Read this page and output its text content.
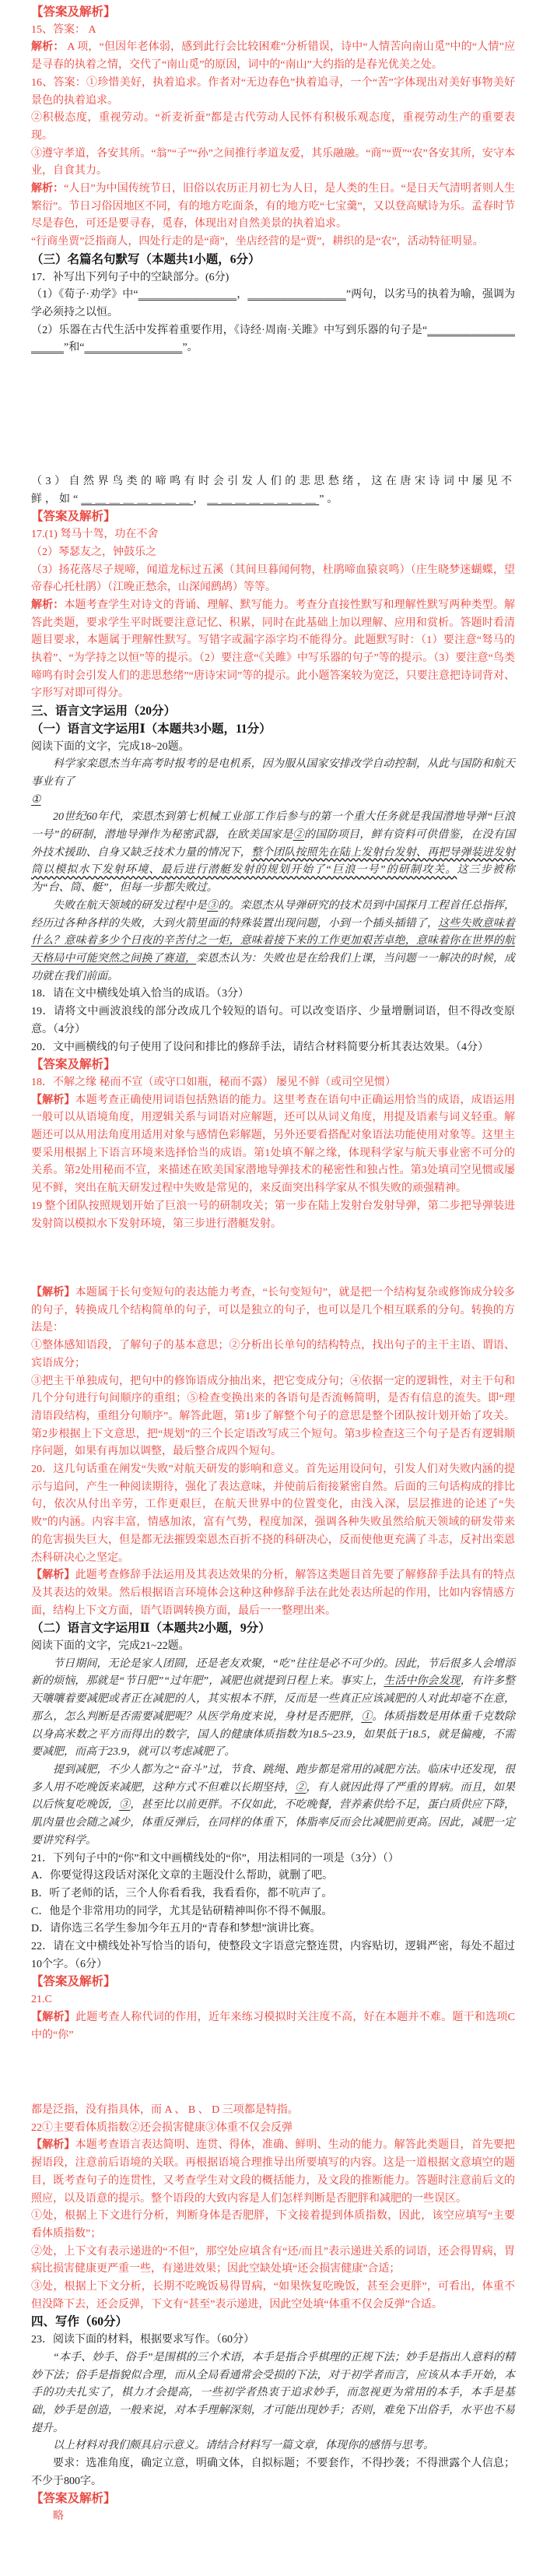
【答案及解析】

15、答案： A

解析： A 项，“但因年老体弱，感到此行会比较困难”分析错误，诗中“人情苦向南山觅”中的“人情”应是寻春的执着之情，交代了“南山觅”的原因，词中的“南山”大约指的是春光优美之处。

16、答案：①珍惜美好，执着追求。作者对“无边春色”执着追寻，一个“苦”字体现出对美好事物美好景色的执着追求。

②积极态度，重视劳动。“祈麦祈蚕”都是古代劳动人民怀有积极乐观态度，重视劳动生产的重要表现。

③遵守孝道，各安其所。“翁”“子”“孙”之间推行孝道友爱，其乐融融。“商”“贾”“农”各安其所，安守本业，自食其力。

解析：“人日”为中国传统节日，旧俗以农历正月初七为人日，是人类的生日。“是日天气清明者则人生繁衍”。节日习俗因地区不同，有的地方吃面条，有的地方吃“七宝羹”，又以登高赋诗为乐。孟春时节尽是春色，可还是要寻春，觅春，体现出对自然美景的执着追求。

“行商坐贾”泛指商人，四处行走的是“商”，坐店经营的是“贾”，耕织的是“农”，活动特征明显。

（三）名篇名句默写（本题共1小题，6分）

17．补写出下列句子中的空缺部分。(6分)

（1）《荀子·劝学》中“＿＿＿＿＿＿＿＿＿，＿＿＿＿＿＿＿＿＿”两句，以劣马的执着为喻，强调为学必须持之以恒。

（2）乐器在古代生活中发挥着重要作用，《诗经·周南·关雎》中写到乐器的句子是“＿＿＿＿＿＿＿＿＿＿＿”和“＿＿＿＿＿＿＿＿＿”。

（3）自然界鸟类的啼鸣有时会引发人们的悲思愁绪，这在唐宋诗词中屡见不鲜，如“＿＿＿＿＿＿＿＿，＿＿＿＿＿＿＿＿”。

【答案及解析】

17.(1) 驽马十驾，功在不舍

（2）琴瑟友之，钟鼓乐之

（3）扬花落尽子规啼，闻道龙标过五溪（其间旦暮闻何物，杜鹃啼血猿哀鸣）（庄生晓梦迷蝴蝶，望帝春心托杜鹃）（江晚正愁余，山深闻鹧鸪）等等。

解析：本题考查学生对诗文的背诵、理解、默写能力。考查分直接性默写和理解性默写两种类型。解答此类题，要求学生平时既要注意记忆、积累，同时在此基础上加以理解、应用和赏析。答题时看清题目要求，本题属于理解性默写。写错字或漏字添字均不能得分。此题默写时：（1）要注意“驽马的执着”、“为学持之以恒”等的提示。（2）要注意“《关雎》中写乐器的句子”等的提示。（3）要注意“鸟类啼鸣有时会引发人们的悲思愁绪”“唐诗宋词”等的提示。此小题答案较为宽泛，只要注意把诗词背对、字形写对即可得分。

三、语言文字运用（20分）

（一）语言文字运用Ⅰ（本题共3小题，11分）

阅读下面的文字，完成18~20题。

科学家栾恩杰当年高考时报考的是电机系，因为服从国家安排改学自动控制，从此与国防和航天事业有了

①

20世纪60年代，栾恩杰到第七机械工业部工作后参与的第一个重大任务就是我国潜地导弹“巨浪一号”的研制，潜地导弹作为秘密武器，在欧美国家是②的国防项目，鲜有资料可供借鉴，在没有国外技术援助、自身又缺乏技术力量的情况下，整个团队按照先在陆上发射台发射、再把导弹装进发射筒以模拟水下发射环境、最后进行潜艇发射的规划开始了“巨浪一号”的研制攻关。这三步被称为“台、筒、艇”，但每一步都失败过。

失败在航天领域的研发过程中是③的。栾恩杰从导弹研究的技术员到中国探月工程首任总指挥，经历过各种各样的失败，大到火箭里面的特殊装置出现问题，小到一个插头插错了，这些失败意味着什么？意味着多少个日夜的辛苦付之一炬，意味着接下来的工作更加艰苦卓绝，意味着你在世界的航天格局中可能突然之间换了赛道，栾恩杰认为：失败也是在给我们上课，当问题一一解决的时候，成功就在我们前面。

18．请在文中横线处填入恰当的成语。（3分）

19．请将文中画波浪线的部分改成几个较短的语句。可以改变语序、少量增删词语，但不得改变原意。（4分）

20．文中画横线的句子使用了设问和排比的修辞手法，请结合材料简要分析其表达效果。（4分）

【答案及解析】

18．不解之缘 秘而不宣（或守口如瓶，秘而不露） 屡见不鲜（或司空见惯）

【解析】本题考查正确使用词语包括熟语的能力。这里考查在语句中正确运用恰当的成语，成语运用一般可以从语境角度，用逻辑关系与词语对应解题，还可以从词义角度，用提及语素与词义轻重。解题还可以从用法角度用适用对象与感情色彩解题，另外还要看搭配对象语法功能使用对象等。这里主要采用根据上下语言环境来选择恰当的成语。第1处填不解之缘，体现科学家与航天事业密不可分的关系。第2处用秘而不宣，来描述在欧美国家潜地导弹技术的秘密性和独占性。第3处填司空见惯或屡见不鲜，突出在航天研发过程中失败是常见的，来反面突出科学家从不惧失败的顽强精神。

19 整个团队按照规划开始了巨浪一号的研制攻关；第一步在陆上发射台发射导弹，第二步把导弹装进发射筒以模拟水下发射环境，第三步进行潜艇发射。

【解析】本题属于长句变短句的表达能力考查，“长句变短句”，就是把一个结构复杂或修饰成分较多的句子，转换成几个结构简单的句子，可以是独立的句子，也可以是几个相互联系的分句。转换的方法是：

①整体感知语段，了解句子的基本意思；②分析出长单句的结构特点，找出句子的主干主语、谓语、宾语成分；

③把主干单独成句，把句中的修饰语成分抽出来，把它变成分句；④依据一定的逻辑性，对主干句和几个分句进行句间顺序的重组；⑤检查变换出来的各语句是否流畅简明，是否有信息的流失。即“理清语段结构，重组分句顺序”。解答此题，第1步了解整个句子的意思是整个团队按计划开始了攻关。第2步根据上下文意思，把“规划”的三个长定语改写成三个短句。第3步检查这三个句子是否有逻辑顺序问题，如果有再加以调整，最后整合成四个短句。

20．这几句话重在阐发“失败”对航天研发的影响和意义。首先运用设问句，引发人们对失败内涵的提示与追问，产生一种阅读期待，强化了表达意味，并使前后衔接紧密自然。后面的三句话构成的排比句，依次从付出辛劳，工作更艰巨，在航天世界中的位置变化，由浅入深，层层推进的论述了“失败”的内涵。内容丰富，情感加浓，富有气势，程度加深，强调各种失败虽然给航天领域的研发带来的危害损失巨大，但是都无法摧毁栾恩杰百折不挠的科研决心，反而使他更充满了斗志，反衬出栾恩杰科研决心之坚定。

【解析】此题考查修辞手法运用及其表达效果的分析，解答这类题目首先要了解修辞手法具有的特点及其表达的效果。然后根据语言环境体会这种这种修辞手法在此处表达所起的作用，比如内容情感方面，结构上下文方面，语气语调转换方面，最后一一整理出来。

（二）语言文字运用Ⅱ（本题共2小题，9分）

阅读下面的文字，完成21~22题。

节日期间，无论是家人团圆，还是老友欢聚，“吃”往往是必不可少的。因此，节后很多人会增添新的烦恼，那就是“节日肥”“过年肥”，减肥也就提到日程上来。事实上，生活中你会发现，有许多整天嚷嚷着要减肥或者正在减肥的人，其实根本不胖，反而是一些真正应该减肥的人对此却毫不在意，那么，怎么判断是否需要减肥呢？从医学角度来说，身材是否肥胖，①。体质指数是用体重千克数除以身高米数之平方而得出的数字，国人的健康体质指数为18.5~23.9，如果低于18.5，就是偏瘦，不需要减肥，而高于23.9，就可以考虑减肥了。

提到减肥，不少人都为之“奋斗”过，节食、跳绳、跑步都是常用的减肥方法。临床中还发现，很多人用不吃晚饭来减肥，这种方式不但难以长期坚持，②，有人就因此得了严重的胃病。而且，如果以后恢复吃晚饭，③，甚至比以前更胖。不仅如此，不吃晚餐，营养素供给不足，蛋白质供应下降，肌肉量也会随之减少，体重反弹后，在同样的体重下，体脂率反而会比减肥前更高。因此，减肥一定要讲究科学。

21．下列句子中的“你”和文中画横线处的“你”，用法相同的一项是（3分）（）

A．你要觉得这段话对深化文章的主题没什么帮助，就删了吧。

B．听了老师的话，三个人你看看我，我看看你，都不吭声了。

C．他是个非常用功的同学，尤其是钻研精神叫你不得不佩服。

D．请你选三名学生参加今年五月的“青春和梦想”演讲比赛。

22．请在文中横线处补写恰当的语句，使整段文字语意完整连贯，内容贴切，逻辑严密，每处不超过10个字。（6分）

【答案及解析】

21.C

【解析】此题考查人称代词的作用，近年来练习模拟时关注度不高，好在本题并不难。题干和选项C 中的“你”

都是泛指，没有指具体，而 A 、 B 、 D 三项都是特指。

22①主要看体质指数②还会损害健康③体重不仅会反弹

【解析】本题考查语言表达简明、连贯、得体，准确、鲜明、生动的能力。解答此类题目，首先要把握语段，注意前后语境的关联。再根据语境合理推导出所要填写的内容。这是一道根据文意填空的题目，既考查句子的连贯性，又考查学生对文段的概括能力，及文段的推断能力。答题时注意前后文的照应，以及语意的提示。整个语段的大致内容是人们怎样判断是否肥胖和减肥的一些误区。

①处，根据上下文进行分析，判断身体是否肥胖，下文接着提到体质指数，因此，该空应填写“主要看体质指数”；

②处，上下文有表示递进的“不但”，那空处应填含有“还/而且”表示递进关系的词语，还会得胃病，胃病比损害健康更严重一些，有递进效果；因此空缺处填“还会损害健康”合适；

③处，根据上下文分析，长期不吃晚饭易得胃病，“如果恢复吃晚饭，甚至会更胖”，可看出，体重不但没降下去，还会反弹，下文有“甚至”表示递进，因此空处填“体重不仅会反弹”合适。

四、写作（60分）

23．阅读下面的材料，根据要求写作。（60分）

“本手、妙手、俗手”是围棋的三个术语，本手是指合乎棋理的正规下法；妙手是指出人意料的精妙下法；俗手是指貌似合理，而从全局看通常会受损的下法，对于初学者而言，应该从本手开始，本手的功夫扎实了，棋力才会提高，一些初学者热衷于追求妙手，而忽视更为常用的本手，本手是基础，妙手是创造，一般来说，对本手理解深刻，才可能出现妙手；否则，难免下出俗手，水平也不易提升。

以上材料对我们颇具启示意义。请结合材料写一篇文章，体现你的感悟与思考。

要求：选准角度，确定立意，明确文体，自拟标题；不要套作，不得抄袭；不得泄露个人信息；不少于800字。

【答案及解析】

略
